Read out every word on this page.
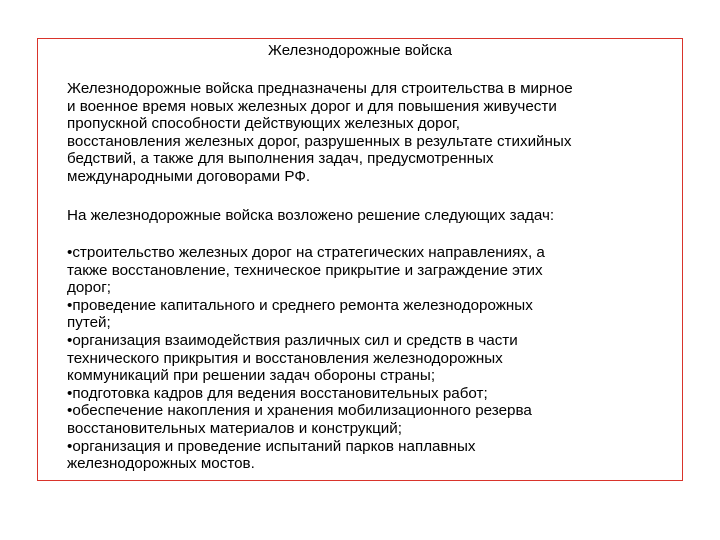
Железнодорожные войска

Железнодорожные войска предназначены для строительства в мирное
и военное время новых железных дорог и для повышения живучести
пропускной способности действующих железных дорог,
восстановления железных дорог, разрушенных в результате стихийных
бедствий, а также для выполнения задач, предусмотренных
международными договорами РФ.

На железнодорожные войска возложено решение следующих задач:

•строительство железных дорог на стратегических направлениях, а
также восстановление, техническое прикрытие и заграждение этих
дорог;
•проведение капитального и среднего ремонта железнодорожных
путей;
•организация взаимодействия различных сил и средств в части
технического прикрытия и восстановления железнодорожных
коммуникаций при решении задач обороны страны;
•подготовка кадров для ведения восстановительных работ;
•обеспечение накопления и хранения мобилизационного резерва
восстановительных материалов и конструкций;
•организация и проведение испытаний парков наплавных
железнодорожных мостов.
